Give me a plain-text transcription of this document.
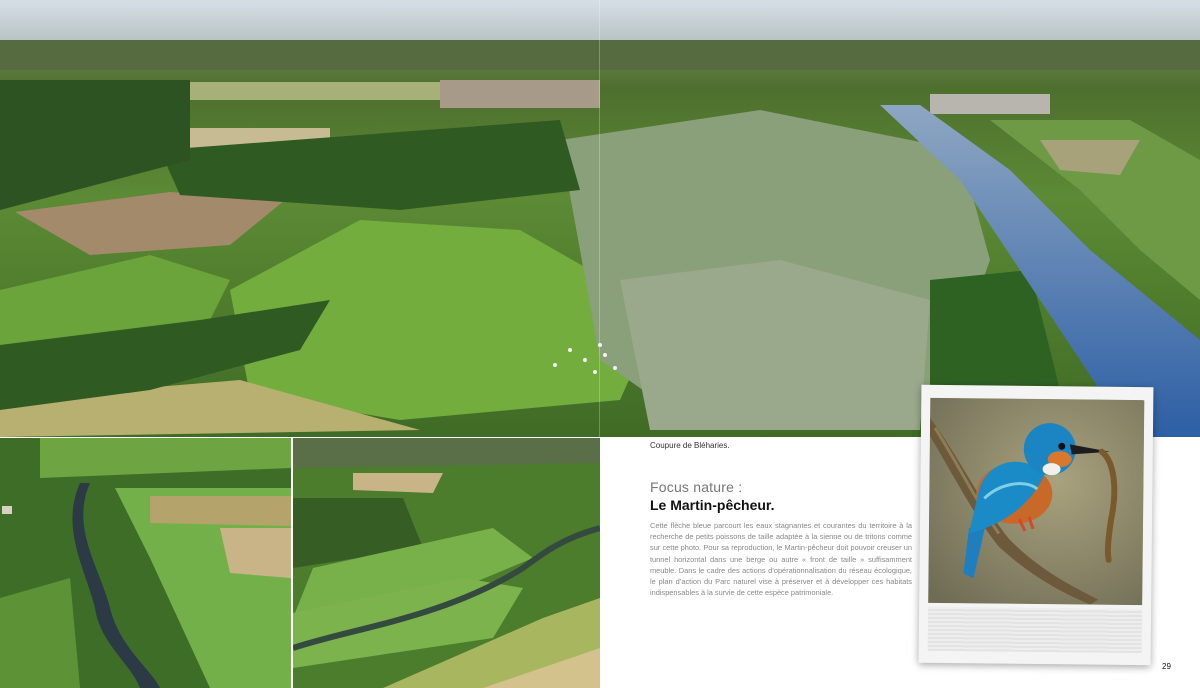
Coupure de Bléharies.
Focus nature :
Le Martin-pêcheur.
Cette flèche bleue parcourt les eaux stagnantes et courantes du territoire à la recherche de petits poissons de taille adaptée à la sienne ou de tritons comme sur cette photo. Pour sa reproduction, le Martin-pêcheur doit pouvoir creuser un tunnel horizontal dans une berge ou autre « front de taille » suffisamment meuble. Dans le cadre des actions d’opérationnalisation du réseau écologique, le plan d’action du Parc naturel vise à préserver et à développer ces habitats indispensables à la survie de cette espèce patrimoniale.
29
